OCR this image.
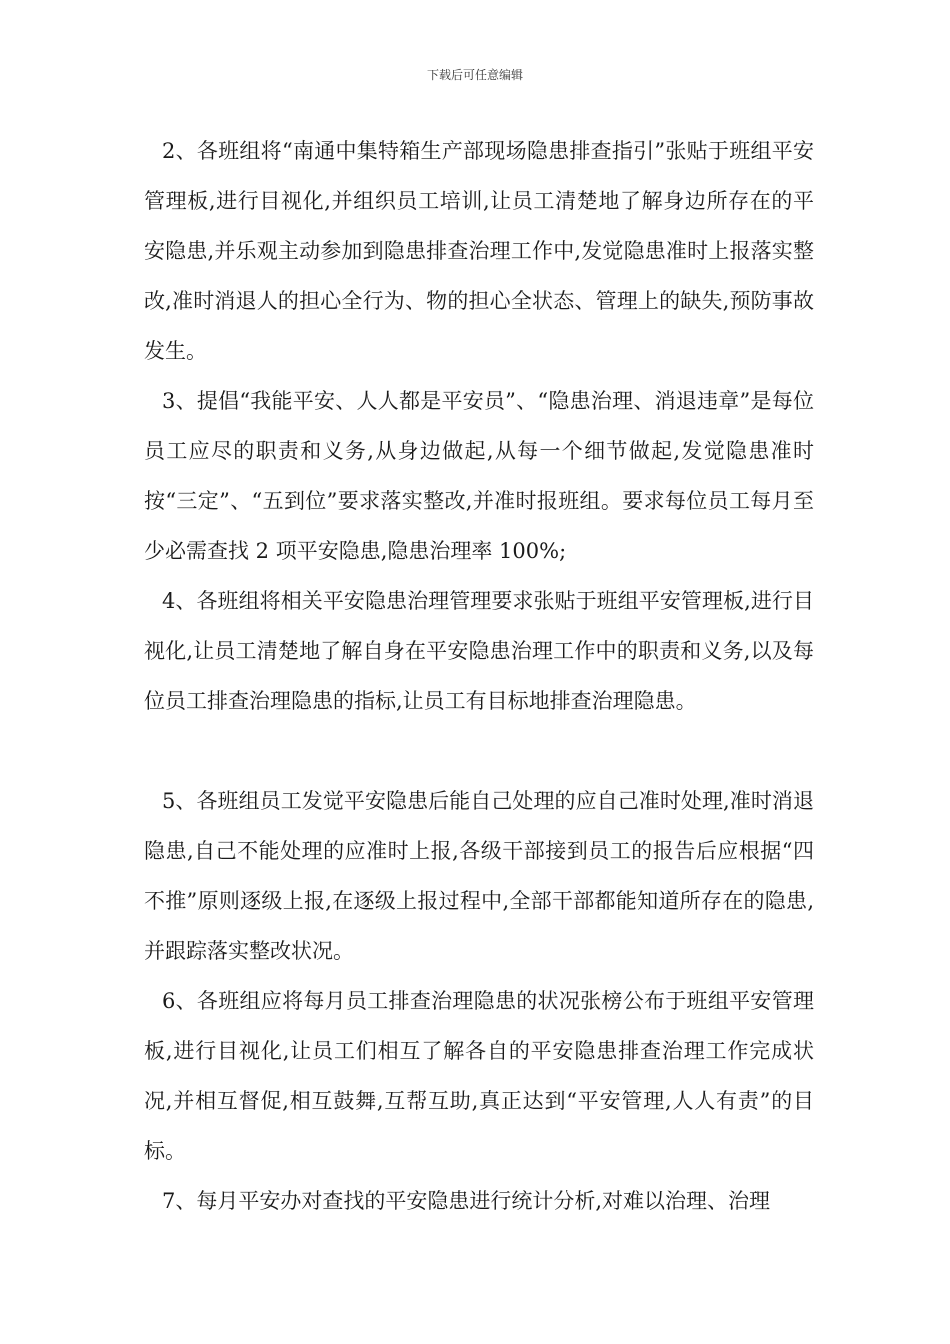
下载后可任意编辑

2、各班组将“南通中集特箱生产部现场隐患排查指引”张贴于班组平安管理板,进行目视化,并组织员工培训,让员工清楚地了解身边所存在的平安隐患,并乐观主动参加到隐患排查治理工作中,发觉隐患准时上报落实整改,准时消退人的担心全行为、物的担心全状态、管理上的缺失,预防事故发生。

3、提倡“我能平安、人人都是平安员”、“隐患治理、消退违章”是每位员工应尽的职责和义务,从身边做起,从每一个细节做起,发觉隐患准时按“三定”、“五到位”要求落实整改,并准时报班组。要求每位员工每月至少必需查找 2 项平安隐患,隐患治理率 100%;

4、各班组将相关平安隐患治理管理要求张贴于班组平安管理板,进行目视化,让员工清楚地了解自身在平安隐患治理工作中的职责和义务,以及每位员工排查治理隐患的指标,让员工有目标地排查治理隐患。

5、各班组员工发觉平安隐患后能自己处理的应自己准时处理,准时消退隐患,自己不能处理的应准时上报,各级干部接到员工的报告后应根据“四不推”原则逐级上报,在逐级上报过程中,全部干部都能知道所存在的隐患,并跟踪落实整改状况。

6、各班组应将每月员工排查治理隐患的状况张榜公布于班组平安管理板,进行目视化,让员工们相互了解各自的平安隐患排查治理工作完成状况,并相互督促,相互鼓舞,互帮互助,真正达到“平安管理,人人有责”的目标。

7、每月平安办对查找的平安隐患进行统计分析,对难以治理、治理
